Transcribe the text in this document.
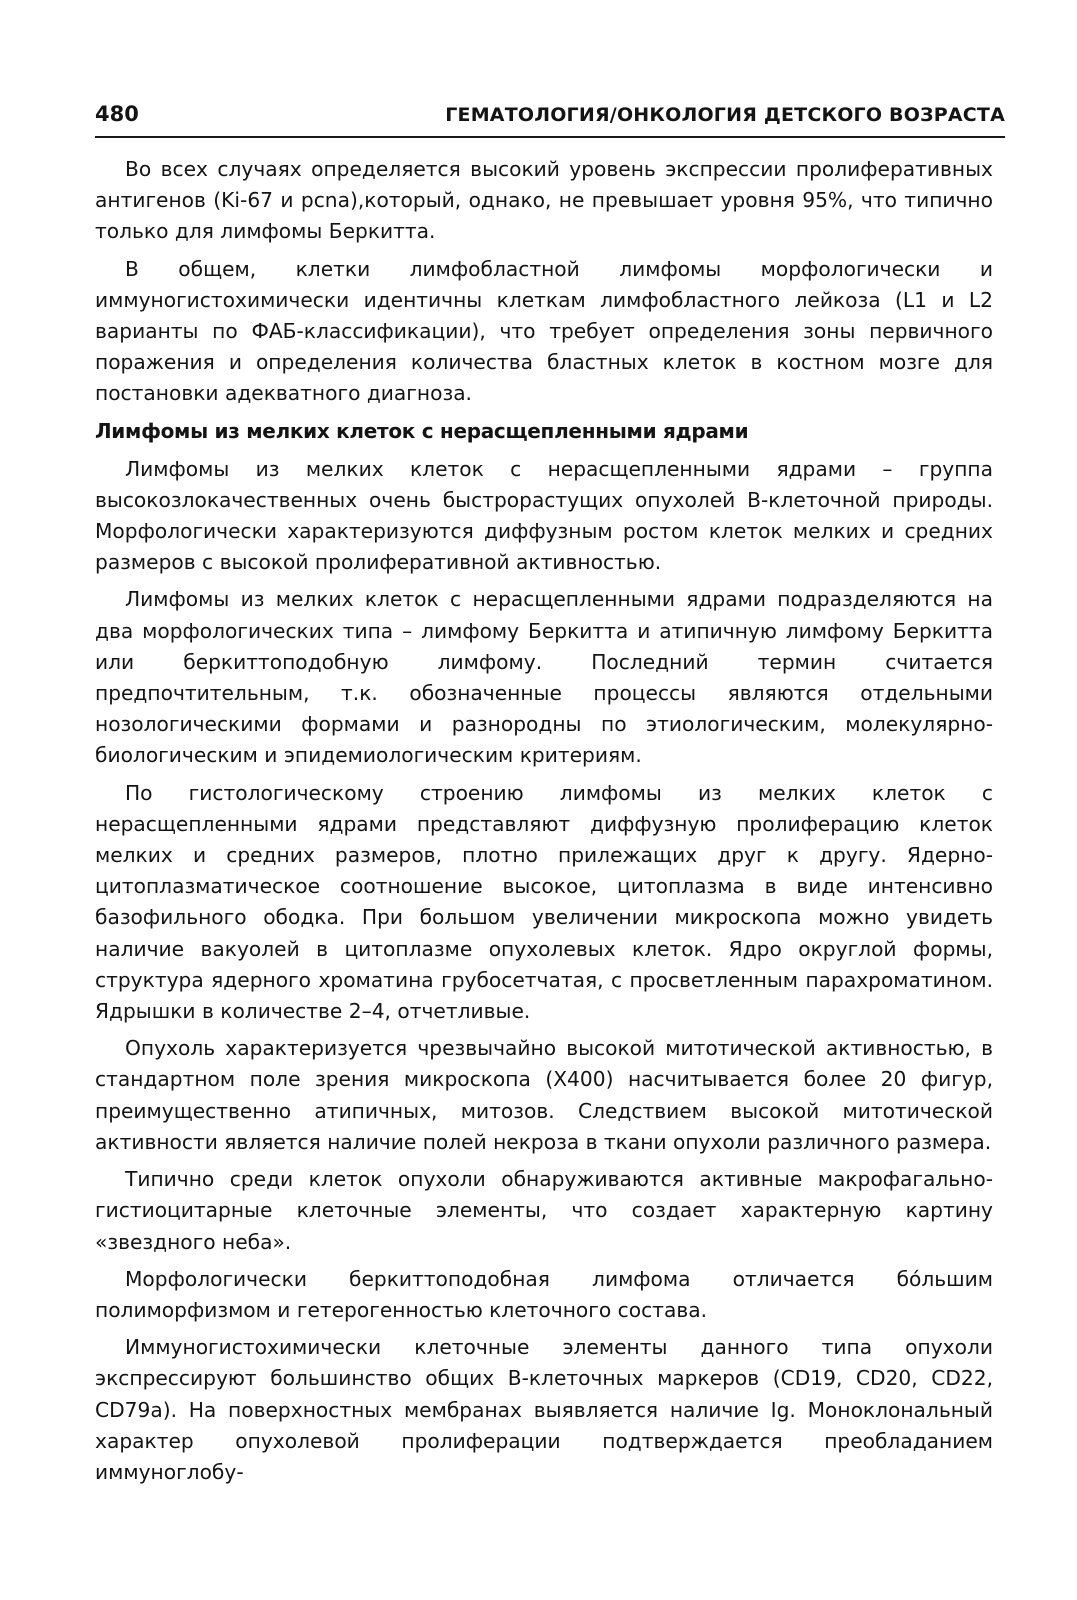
480	ГЕМАТОЛОГИЯ/ОНКОЛОГИЯ ДЕТСКОГО ВОЗРАСТА

Во всех случаях определяется высокий уровень экспрессии пролиферативных антигенов (Ki-67 и pcna),который, однако, не превышает уровня 95%, что типично только для лимфомы Беркитта.

В общем, клетки лимфобластной лимфомы морфологически и иммуногистохимически идентичны клеткам лимфобластного лейкоза (L1 и L2 варианты по ФАБ-классификации), что требует определения зоны первичного поражения и определения количества бластных клеток в костном мозге для постановки адекватного диагноза.

Лимфомы из мелких клеток с нерасщепленными ядрами

Лимфомы из мелких клеток с нерасщепленными ядрами – группа высокозлокачественных очень быстрорастущих опухолей В-клеточной природы. Морфологически характеризуются диффузным ростом клеток мелких и средних размеров с высокой пролиферативной активностью.

Лимфомы из мелких клеток с нерасщепленными ядрами подразделяются на два морфологических типа – лимфому Беркитта и атипичную лимфому Беркитта или беркиттоподобную лимфому. Последний термин считается предпочтительным, т.к. обозначенные процессы являются отдельными нозологическими формами и разнородны по этиологическим, молекулярно-биологическим и эпидемиологическим критериям.

По гистологическому строению лимфомы из мелких клеток с нерасщепленными ядрами представляют диффузную пролиферацию клеток мелких и средних размеров, плотно прилежащих друг к другу. Ядерно-цитоплазматическое соотношение высокое, цитоплазма в виде интенсивно базофильного ободка. При большом увеличении микроскопа можно увидеть наличие вакуолей в цитоплазме опухолевых клеток. Ядро округлой формы, структура ядерного хроматина грубосетчатая, с просветленным парахроматином. Ядрышки в количестве 2–4, отчетливые.

Опухоль характеризуется чрезвычайно высокой митотической активностью, в стандартном поле зрения микроскопа (X400) насчитывается более 20 фигур, преимущественно атипичных, митозов. Следствием высокой митотической активности является наличие полей некроза в ткани опухоли различного размера.

Типично среди клеток опухоли обнаруживаются активные макрофагально-гистиоцитарные клеточные элементы, что создает характерную картину «звездного неба».

Морфологически беркиттоподобная лимфома отличается бо́льшим полиморфизмом и гетерогенностью клеточного состава.

Иммуногистохимически клеточные элементы данного типа опухоли экспрессируют большинство общих В-клеточных маркеров (CD19, CD20, CD22, CD79a). На поверхностных мембранах выявляется наличие Ig. Моноклональный характер опухолевой пролиферации подтверждается преобладанием иммуноглобу-
